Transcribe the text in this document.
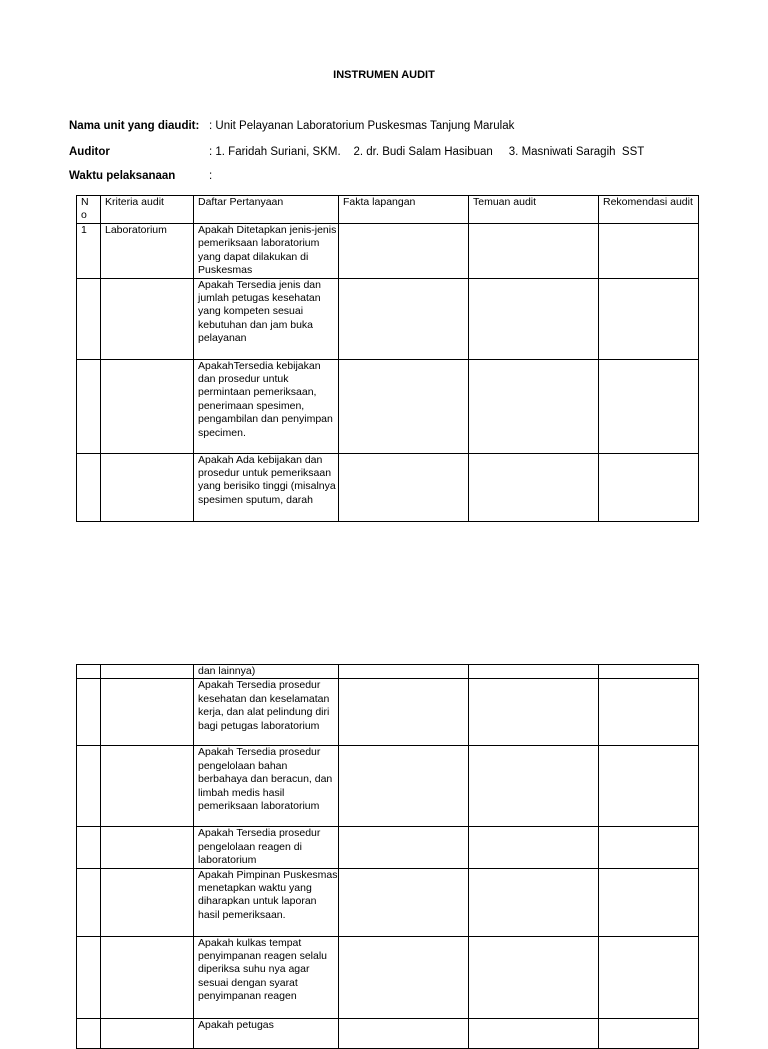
INSTRUMEN AUDIT
Nama unit yang diaudit: : Unit Pelayanan Laboratorium Puskesmas Tanjung Marulak
Auditor	: 1. Faridah Suriani, SKM.    2. dr. Budi Salam Hasibuan     3. Masniwati Saragih  SST
Waktu pelaksanaan	:
N o	Kriteria audit	Daftar Pertanyaan	Fakta lapangan	Temuan audit	Rekomendasi audit
1	Laboratorium	Apakah Ditetapkan jenis-jenis pemeriksaan laboratorium yang dapat dilakukan di Puskesmas			
		Apakah Tersedia jenis dan jumlah petugas kesehatan yang kompeten sesuai kebutuhan dan jam buka pelayanan			
		ApakahTersedia kebijakan dan prosedur untuk permintaan pemeriksaan, penerimaan spesimen, pengambilan dan penyimpan specimen.			
		Apakah Ada kebijakan dan prosedur untuk pemeriksaan yang berisiko tinggi (misalnya spesimen sputum, darah			
		dan lainnya)			
		Apakah Tersedia prosedur kesehatan dan keselamatan kerja, dan alat pelindung diri bagi petugas laboratorium			
		Apakah Tersedia prosedur pengelolaan bahan berbahaya dan beracun, dan limbah medis hasil pemeriksaan laboratorium			
		Apakah Tersedia prosedur pengelolaan reagen di laboratorium			
		Apakah Pimpinan Puskesmas menetapkan waktu yang diharapkan untuk laporan hasil pemeriksaan.			
		Apakah kulkas tempat penyimpanan reagen selalu diperiksa suhu nya agar sesuai dengan syarat penyimpanan reagen			
		Apakah petugas			
